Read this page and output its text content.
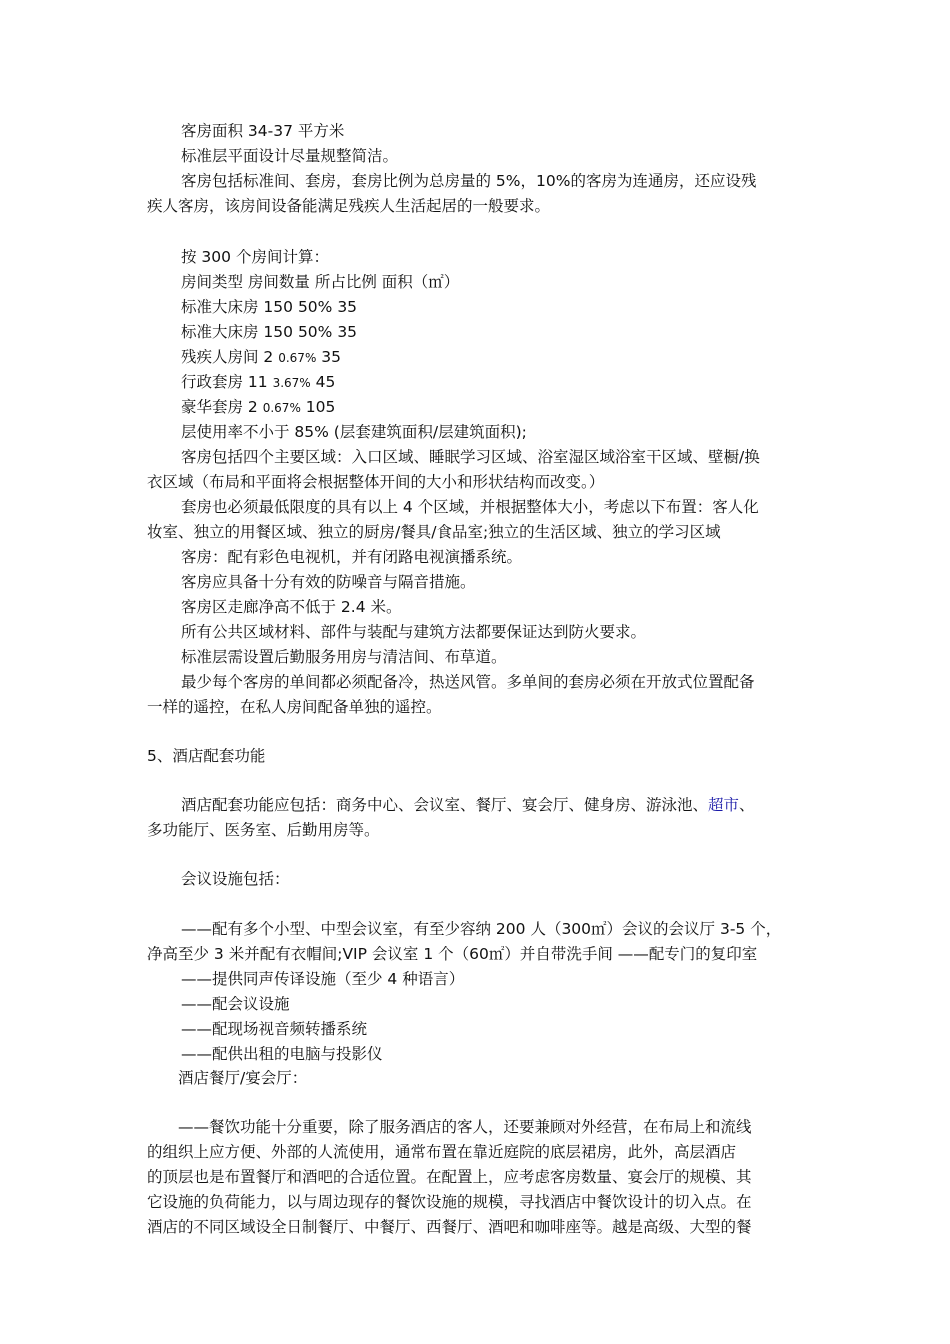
客房面积 34-37 平方米
标准层平面设计尽量规整简洁。
客房包括标准间、套房，套房比例为总房量的 5%，10%的客房为连通房，还应设残
疾人客房，该房间设备能满足残疾人生活起居的一般要求。
按 300 个房间计算：
房间类型 房间数量 所占比例 面积（㎡）
标准大床房 150 50% 35
标准大床房 150 50% 35
残疾人房间 2 0.67% 35
行政套房 11 3.67% 45
豪华套房 2 0.67% 105
层使用率不小于 85% (层套建筑面积/层建筑面积);
客房包括四个主要区域：入口区域、睡眠学习区域、浴室湿区域浴室干区域、壁橱/换
衣区域（布局和平面将会根据整体开间的大小和形状结构而改变。）
套房也必须最低限度的具有以上 4 个区域，并根据整体大小，考虑以下布置：客人化
妆室、独立的用餐区域、独立的厨房/餐具/食品室;独立的生活区域、独立的学习区域
客房：配有彩色电视机，并有闭路电视演播系统。
客房应具备十分有效的防噪音与隔音措施。
客房区走廊净高不低于 2.4 米。
所有公共区域材料、部件与装配与建筑方法都要保证达到防火要求。
标准层需设置后勤服务用房与清洁间、布草道。
最少每个客房的单间都必须配备冷，热送风管。多单间的套房必须在开放式位置配备
一样的遥控，在私人房间配备单独的遥控。
5、酒店配套功能
酒店配套功能应包括：商务中心、会议室、餐厅、宴会厅、健身房、游泳池、超市、
多功能厅、医务室、后勤用房等。
会议设施包括：
——配有多个小型、中型会议室，有至少容纳 200 人（300㎡）会议的会议厅 3-5 个，
净高至少 3 米并配有衣帽间;VIP 会议室 1 个（60㎡）并自带洗手间 ——配专门的复印室
——提供同声传译设施（至少 4 种语言）
——配会议设施
——配现场视音频转播系统
——配供出租的电脑与投影仪
酒店餐厅/宴会厅：
——餐饮功能十分重要，除了服务酒店的客人，还要兼顾对外经营，在布局上和流线
的组织上应方便、外部的人流使用，通常布置在靠近庭院的底层裙房，此外，高层酒店
的顶层也是布置餐厅和酒吧的合适位置。在配置上，应考虑客房数量、宴会厅的规模、其
它设施的负荷能力，以与周边现存的餐饮设施的规模，寻找酒店中餐饮设计的切入点。在
酒店的不同区域设全日制餐厅、中餐厅、西餐厅、酒吧和咖啡座等。越是高级、大型的餐
